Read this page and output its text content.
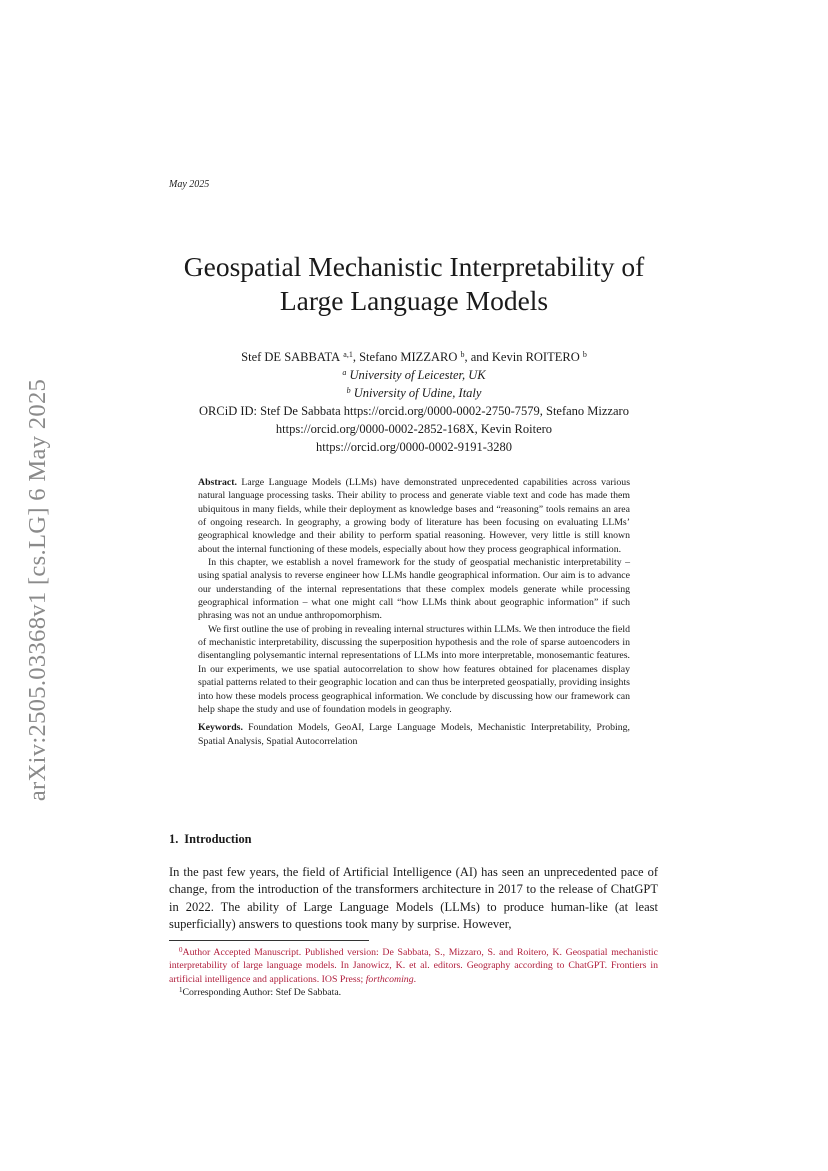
arXiv:2505.03368v1 [cs.LG] 6 May 2025
May 2025
Geospatial Mechanistic Interpretability of
Large Language Models
Stef DE SABBATA $^{a,1}$, Stefano MIZZARO $^b$, and Kevin ROITERO $^b$
$^a$ University of Leicester, UK
$^b$ University of Udine, Italy
ORCiD ID: Stef De Sabbata https://orcid.org/0000-0002-2750-7579, Stefano Mizzaro
https://orcid.org/0000-0002-2852-168X, Kevin Roitero
https://orcid.org/0000-0002-9191-3280

Abstract. Large Language Models (LLMs) have demonstrated unprecedented capabilities across various natural language processing tasks. Their ability to process and generate viable text and code has made them ubiquitous in many fields, while their deployment as knowledge bases and “reasoning” tools remains an area of ongoing research. In geography, a growing body of literature has been focusing on evaluating LLMs’ geographical knowledge and their ability to perform spatial reasoning. However, very little is still known about the internal functioning of these models, especially about how they process geographical information.

In this chapter, we establish a novel framework for the study of geospatial mechanistic interpretability – using spatial analysis to reverse engineer how LLMs handle geographical information. Our aim is to advance our understanding of the internal representations that these complex models generate while processing geographical information – what one might call “how LLMs think about geographic information” if such phrasing was not an undue anthropomorphism.

We first outline the use of probing in revealing internal structures within LLMs. We then introduce the field of mechanistic interpretability, discussing the superposition hypothesis and the role of sparse autoencoders in disentangling polysemantic internal representations of LLMs into more interpretable, monosemantic features. In our experiments, we use spatial autocorrelation to show how features obtained for placenames display spatial patterns related to their geographic location and can thus be interpreted geospatially, providing insights into how these models process geographical information. We conclude by discussing how our framework can help shape the study and use of foundation models in geography.

Keywords. Foundation Models, GeoAI, Large Language Models, Mechanistic Interpretability, Probing, Spatial Analysis, Spatial Autocorrelation

1. Introduction

In the past few years, the field of Artificial Intelligence (AI) has seen an unprecedented pace of change, from the introduction of the transformers architecture in 2017 to the release of ChatGPT in 2022. The ability of Large Language Models (LLMs) to produce human-like (at least superficially) answers to questions took many by surprise. However,

$^0$Author Accepted Manuscript. Published version: De Sabbata, S., Mizzaro, S. and Roitero, K. Geospatial mechanistic interpretability of large language models. In Janowicz, K. et al. editors. Geography according to ChatGPT. Frontiers in artificial intelligence and applications. IOS Press; forthcoming.

$^1$Corresponding Author: Stef De Sabbata.
